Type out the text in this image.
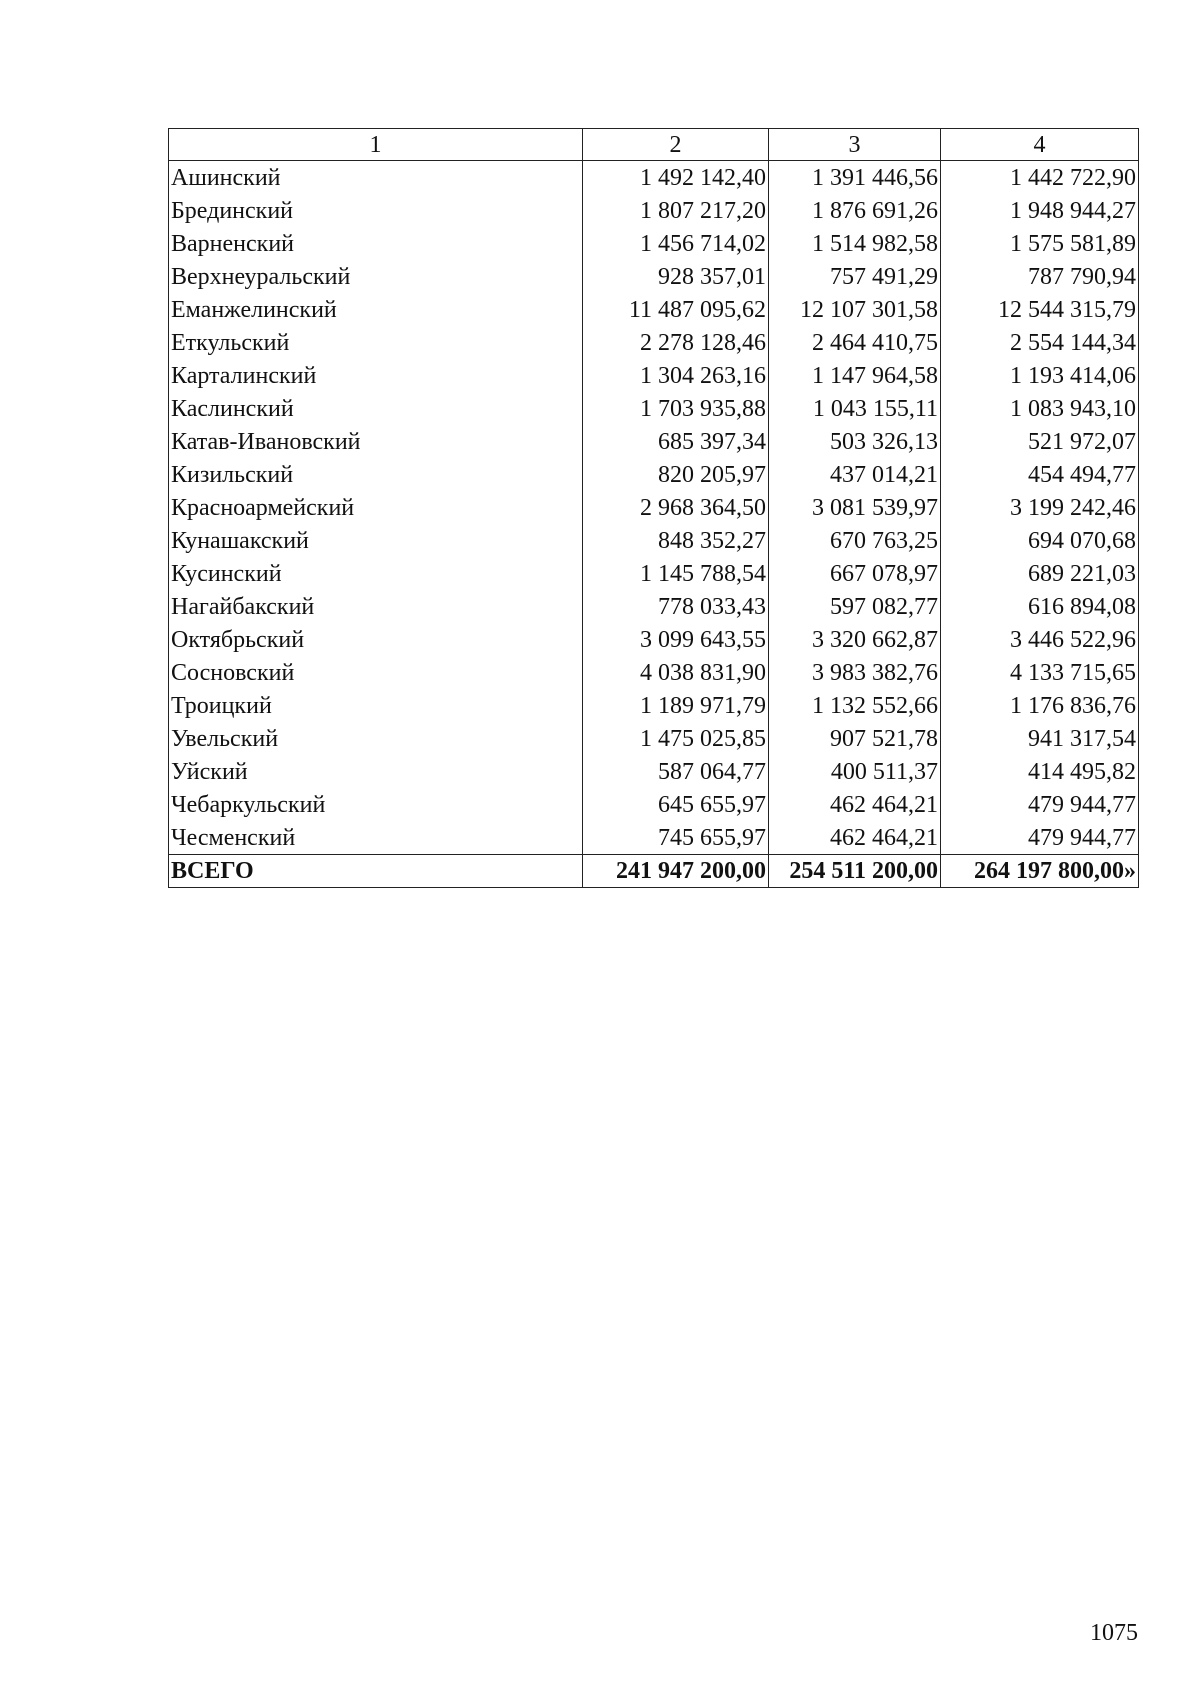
1	2	3	4
Ашинский	1 492 142,40	1 391 446,56	1 442 722,90
Брединский	1 807 217,20	1 876 691,26	1 948 944,27
Варненский	1 456 714,02	1 514 982,58	1 575 581,89
Верхнеуральский	928 357,01	757 491,29	787 790,94
Еманжелинский	11 487 095,62	12 107 301,58	12 544 315,79
Еткульский	2 278 128,46	2 464 410,75	2 554 144,34
Карталинский	1 304 263,16	1 147 964,58	1 193 414,06
Каслинский	1 703 935,88	1 043 155,11	1 083 943,10
Катав-Ивановский	685 397,34	503 326,13	521 972,07
Кизильский	820 205,97	437 014,21	454 494,77
Красноармейский	2 968 364,50	3 081 539,97	3 199 242,46
Кунашакский	848 352,27	670 763,25	694 070,68
Кусинский	1 145 788,54	667 078,97	689 221,03
Нагайбакский	778 033,43	597 082,77	616 894,08
Октябрьский	3 099 643,55	3 320 662,87	3 446 522,96
Сосновский	4 038 831,90	3 983 382,76	4 133 715,65
Троицкий	1 189 971,79	1 132 552,66	1 176 836,76
Увельский	1 475 025,85	907 521,78	941 317,54
Уйский	587 064,77	400 511,37	414 495,82
Чебаркульский	645 655,97	462 464,21	479 944,77
Чесменский	745 655,97	462 464,21	479 944,77
ВСЕГО	241 947 200,00	254 511 200,00	264 197 800,00»
1075
